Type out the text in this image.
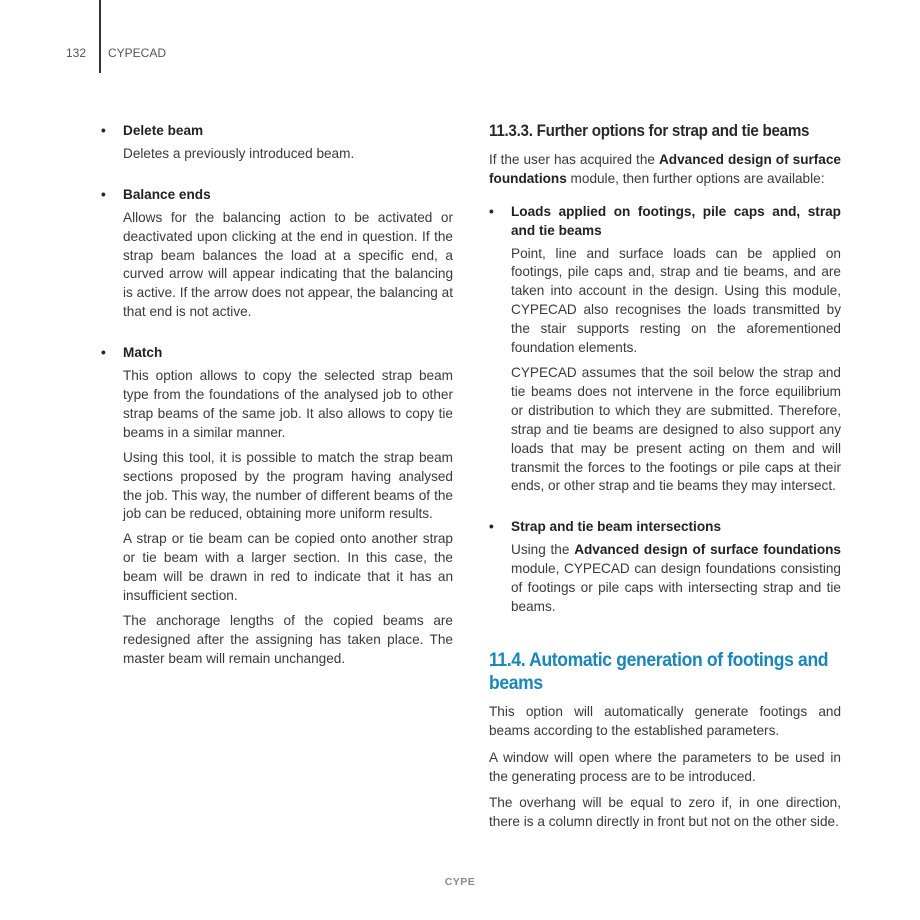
132 CYPECAD
• Delete beam

Deletes a previously introduced beam.

• Balance ends

Allows for the balancing action to be activated or deactivated upon clicking at the end in question. If the strap beam balances the load at a specific end, a curved arrow will appear indicating that the balancing is active. If the arrow does not appear, the balancing at that end is not active.

• Match

This option allows to copy the selected strap beam type from the foundations of the analysed job to other strap beams of the same job. It also allows to copy tie beams in a similar manner.

Using this tool, it is possible to match the strap beam sections proposed by the program having analysed the job. This way, the number of different beams of the job can be reduced, obtaining more uniform results.

A strap or tie beam can be copied onto another strap or tie beam with a larger section. In this case, the beam will be drawn in red to indicate that it has an insufficient section.

The anchorage lengths of the copied beams are redesigned after the assigning has taken place. The master beam will remain unchanged.

11.3.3. Further options for strap and tie beams

If the user has acquired the Advanced design of surface foundations module, then further options are available:

• Loads applied on footings, pile caps and, strap and tie beams

Point, line and surface loads can be applied on footings, pile caps and, strap and tie beams, and are taken into account in the design. Using this module, CYPECAD also recognises the loads transmitted by the stair supports resting on the aforementioned foundation elements.

CYPECAD assumes that the soil below the strap and tie beams does not intervene in the force equilibrium or distribution to which they are submitted. Therefore, strap and tie beams are designed to also support any loads that may be present acting on them and will transmit the forces to the footings or pile caps at their ends, or other strap and tie beams they may intersect.

• Strap and tie beam intersections

Using the Advanced design of surface foundations module, CYPECAD can design foundations consisting of footings or pile caps with intersecting strap and tie beams.

11.4. Automatic generation of footings and beams

This option will automatically generate footings and beams according to the established parameters.

A window will open where the parameters to be used in the generating process are to be introduced.

The overhang will be equal to zero if, in one direction, there is a column directly in front but not on the other side.

CYPE
